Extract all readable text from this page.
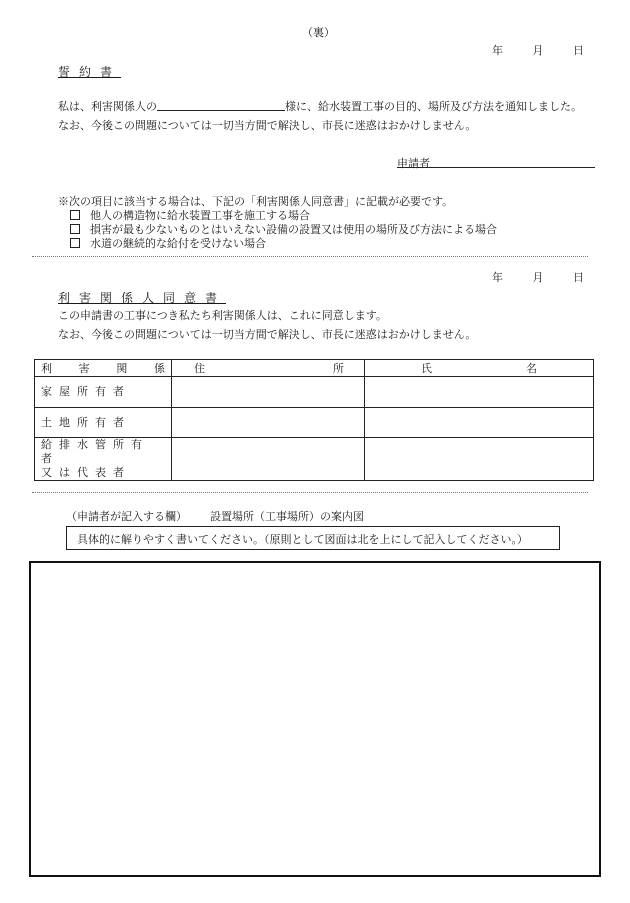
（裏）
年	月	日
誓約書
私は、利害関係人の	様に、給水装置工事の目的、場所及び方法を通知しました。
なお、今後この問題については一切当方間で解決し、市長に迷惑はおかけしません。
申請者
※次の項目に該当する場合は、下記の「利害関係人同意書」に記載が必要です。
他人の構造物に給水装置工事を施工する場合
損害が最も少ないものとはいえない設備の設置又は使用の場所及び方法による場合
水道の継続的な給付を受けない場合
年	月	日
利害関係人同意書
この申請書の工事につき私たち利害関係人は、これに同意します。
なお、今後この問題については一切当方間で解決し、市長に迷惑はおかけしません。
利 害 関 係	住 所	氏 名

家屋所有者		
土地所有者		

給排水管所有者
又は代表者		

（申請者が記入する欄） 設置場所（工事場所）の案内図
具体的に解りやすく書いてください。（原則として図面は北を上にして記入してください。）
